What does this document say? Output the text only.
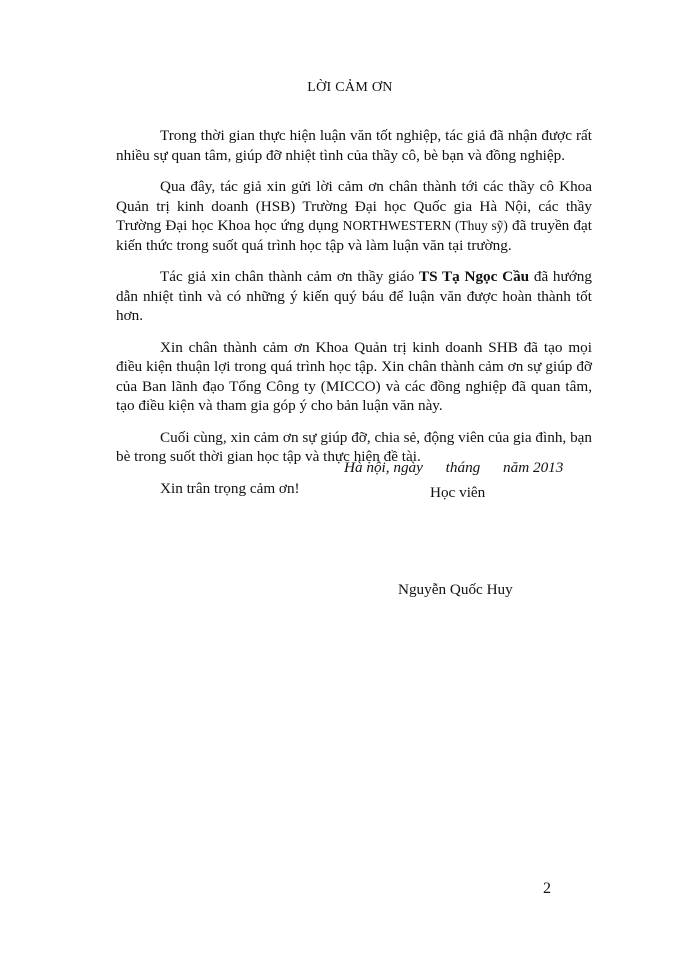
LỜI CẢM ƠN

Trong thời gian thực hiện luận văn tốt nghiệp, tác giả đã nhận được rất nhiều sự quan tâm, giúp đỡ nhiệt tình của thầy cô, bè bạn và đồng nghiệp.

Qua đây, tác giả xin gửi lời cảm ơn chân thành tới các thầy cô Khoa Quản trị kinh doanh (HSB) Trường Đại học Quốc gia Hà Nội, các thầy Trường Đại học Khoa học ứng dụng NORTHWESTERN (Thuy sỹ) đã truyền đạt kiến thức trong suốt quá trình học tập và làm luận văn tại trường.

Tác giả xin chân thành cảm ơn thầy giáo TS Tạ Ngọc Cầu đã hướng dẫn nhiệt tình và có những ý kiến quý báu để luận văn được hoàn thành tốt hơn.

Xin chân thành cảm ơn Khoa Quản trị kinh doanh SHB đã tạo mọi điều kiện thuận lợi trong quá trình học tập. Xin chân thành cảm ơn sự giúp đỡ của Ban lãnh đạo Tổng Công ty (MICCO) và các đồng nghiệp đã quan tâm, tạo điều kiện và tham gia góp ý cho bản luận văn này.

Cuối cùng, xin cảm ơn sự giúp đỡ, chia sẻ, động viên của gia đình, bạn bè trong suốt thời gian học tập và thực hiện đề tài.

Xin trân trọng cảm ơn!

Hà nội, ngày      tháng      năm 2013
Học viên
Nguyễn Quốc Huy
2
